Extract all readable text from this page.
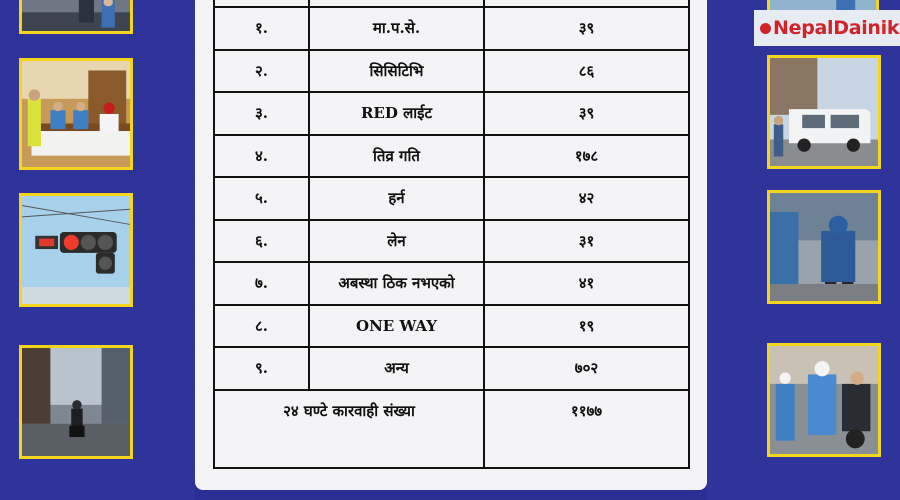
NepalDainik

१.	मा.प.से.	३९
२.	सिसिटिभि	८६
३.	RED लाईट	३९
४.	तिव्र गति	१७८
५.	हर्न	४२
६.	लेन	३१
७.	अबस्था ठिक नभएको	४१
८.	ONE WAY	१९
९.	अन्य	७०२
२४ घण्टे कारवाही संख्या		११७७
